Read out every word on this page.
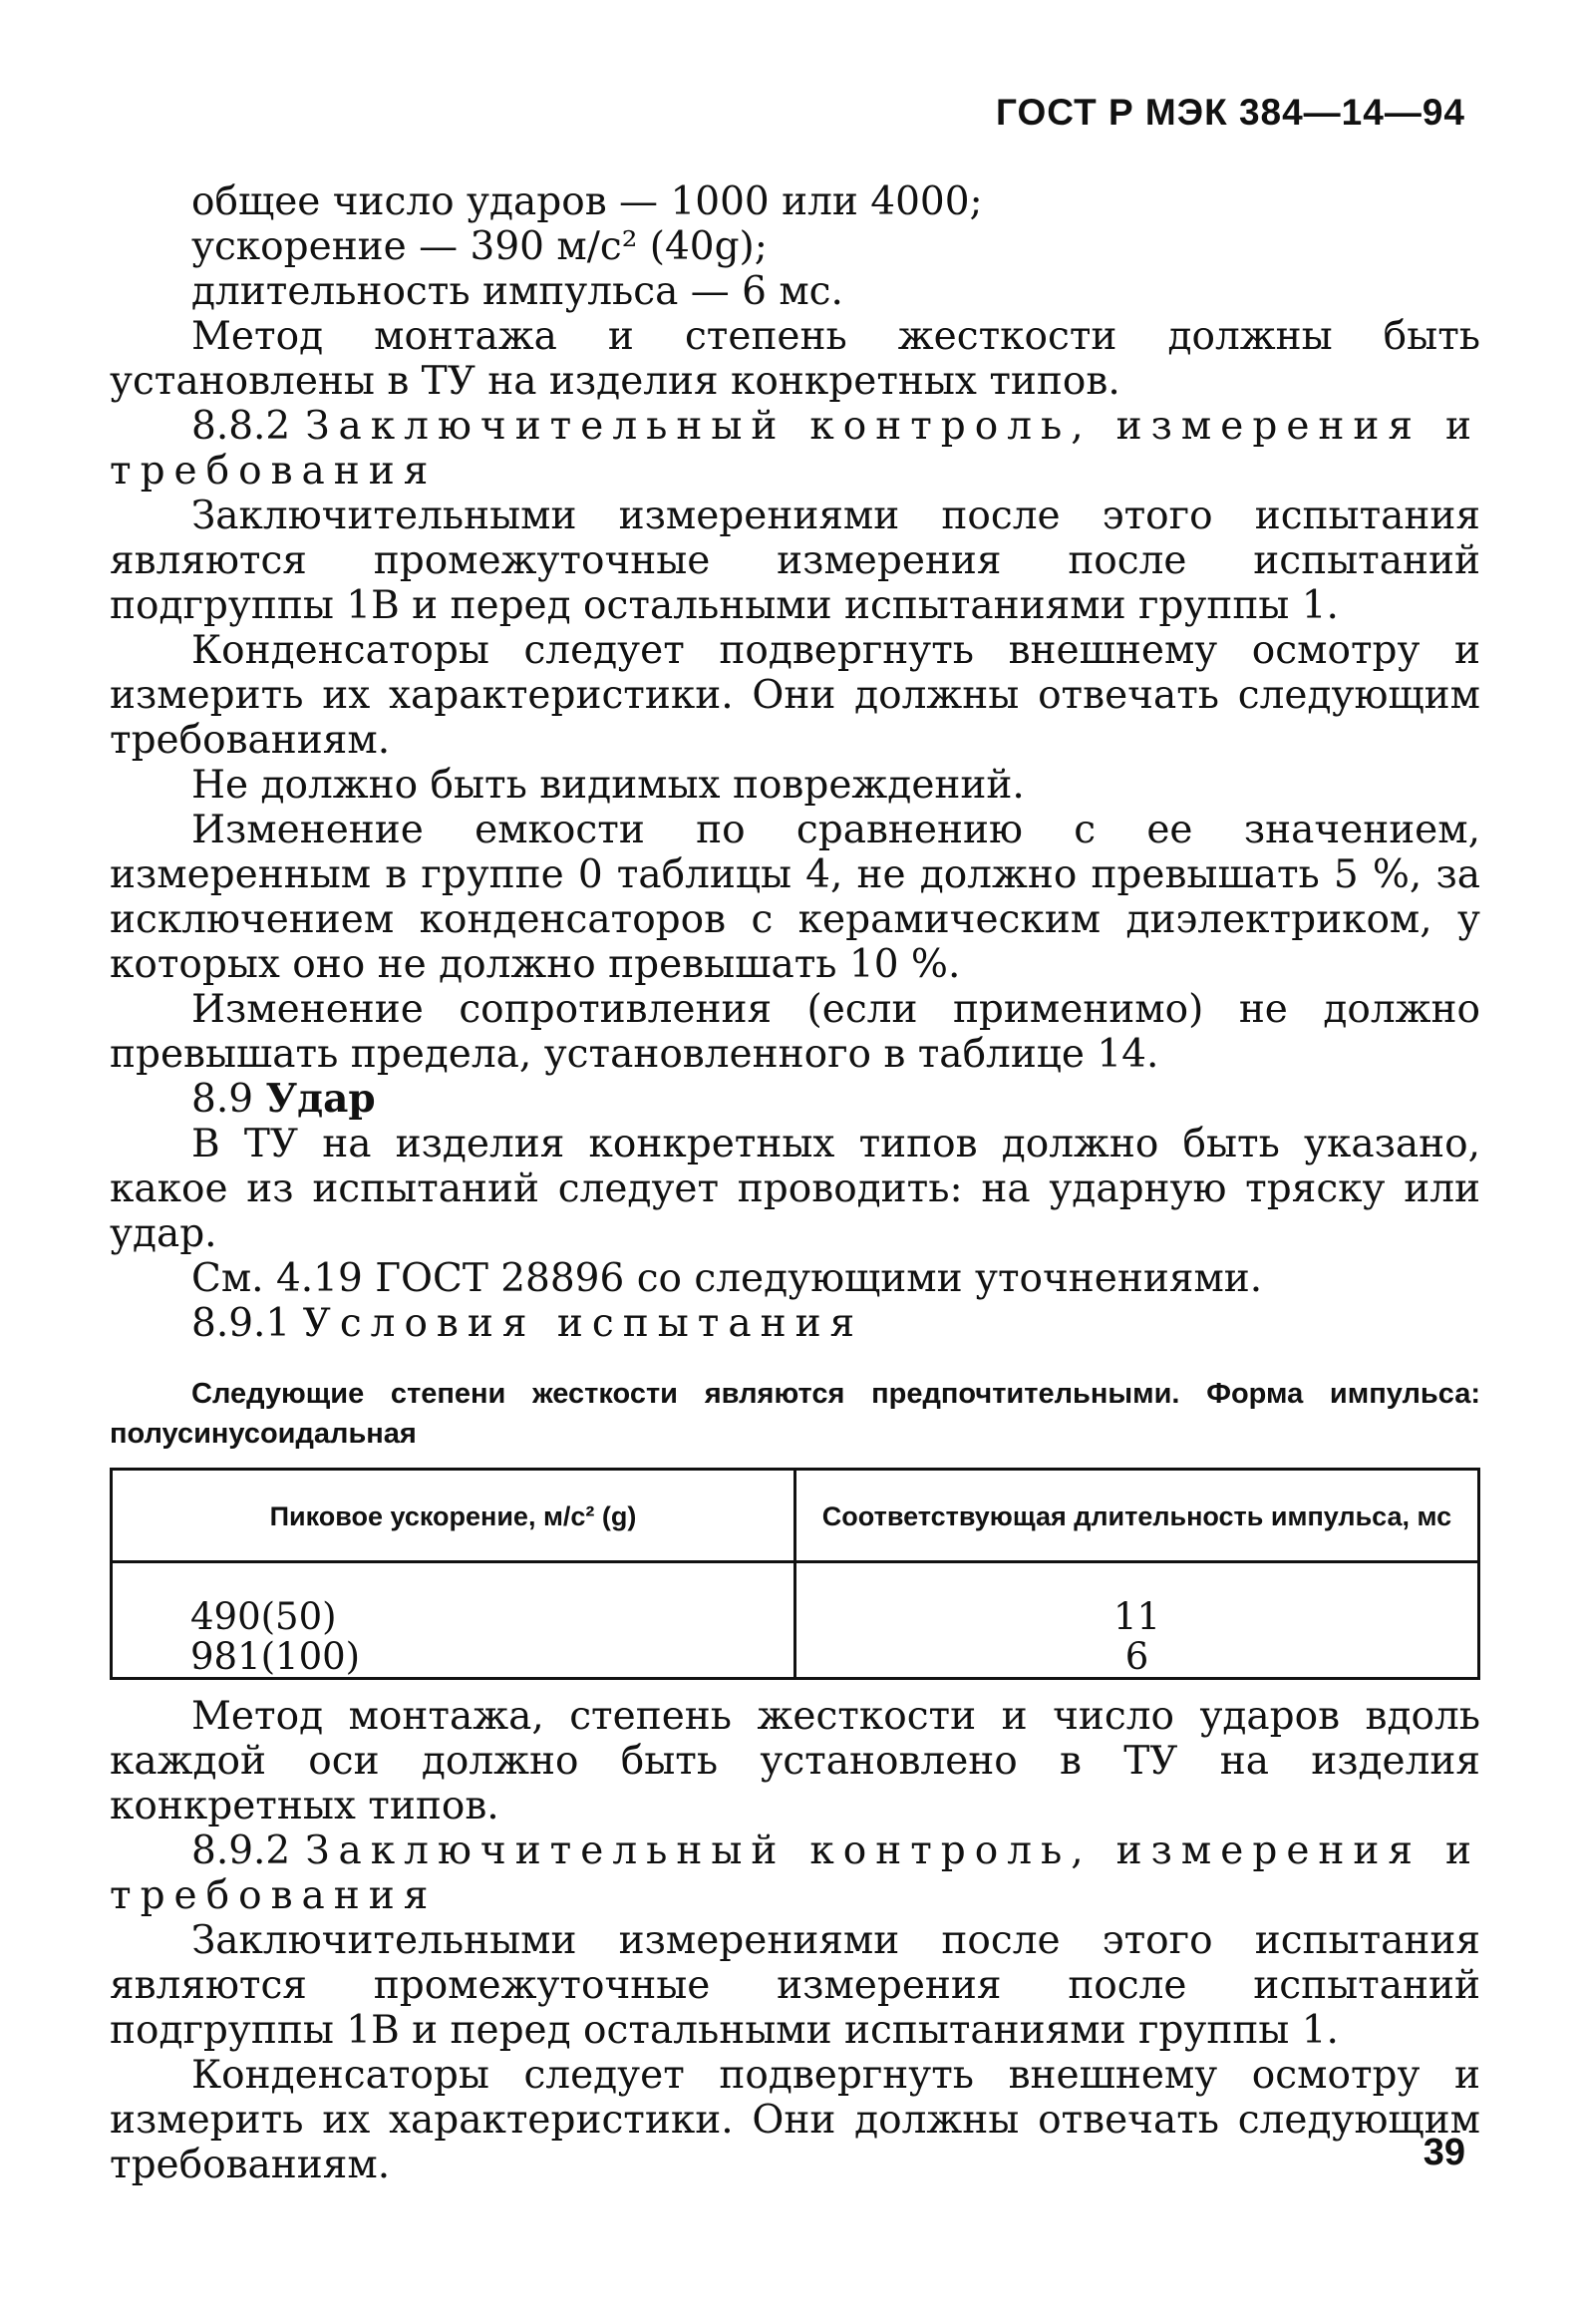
ГОСТ Р МЭК 384—14—94

общее число ударов — 1000 или 4000;

ускорение — 390 м/с² (40g);

длительность импульса — 6 мс.

Метод монтажа и степень жесткости должны быть установлены в ТУ на изделия конкретных типов.

8.8.2 Заключительный контроль, измерения и требования

Заключительными измерениями после этого испытания являются промежуточные измерения после испытаний подгруппы 1В и перед остальными испытаниями группы 1.

Конденсаторы следует подвергнуть внешнему осмотру и измерить их характеристики. Они должны отвечать следующим требованиям.

Не должно быть видимых повреждений.

Изменение емкости по сравнению с ее значением, измеренным в группе 0 таблицы 4, не должно превышать 5 %, за исключением конденсаторов с керамическим диэлектриком, у которых оно не должно превышать 10 %.

Изменение сопротивления (если применимо) не должно превышать предела, установленного в таблице 14.

8.9 Удар

В ТУ на изделия конкретных типов должно быть указано, какое из испытаний следует проводить: на ударную тряску или удар.

См. 4.19 ГОСТ 28896 со следующими уточнениями.

8.9.1 Условия испытания

Следующие степени жесткости являются предпочтительными. Форма импульса: полусинусоидальная

Пиковое ускорение, м/с² (g)	Соответствующая длительность импульса, мс

490(50)	11
981(100)	6

Метод монтажа, степень жесткости и число ударов вдоль каждой оси должно быть установлено в ТУ на изделия конкретных типов.

8.9.2 Заключительный контроль, измерения и требования

Заключительными измерениями после этого испытания являются промежуточные измерения после испытаний подгруппы 1В и перед остальными испытаниями группы 1.

Конденсаторы следует подвергнуть внешнему осмотру и измерить их характеристики. Они должны отвечать следующим требованиям.	39
